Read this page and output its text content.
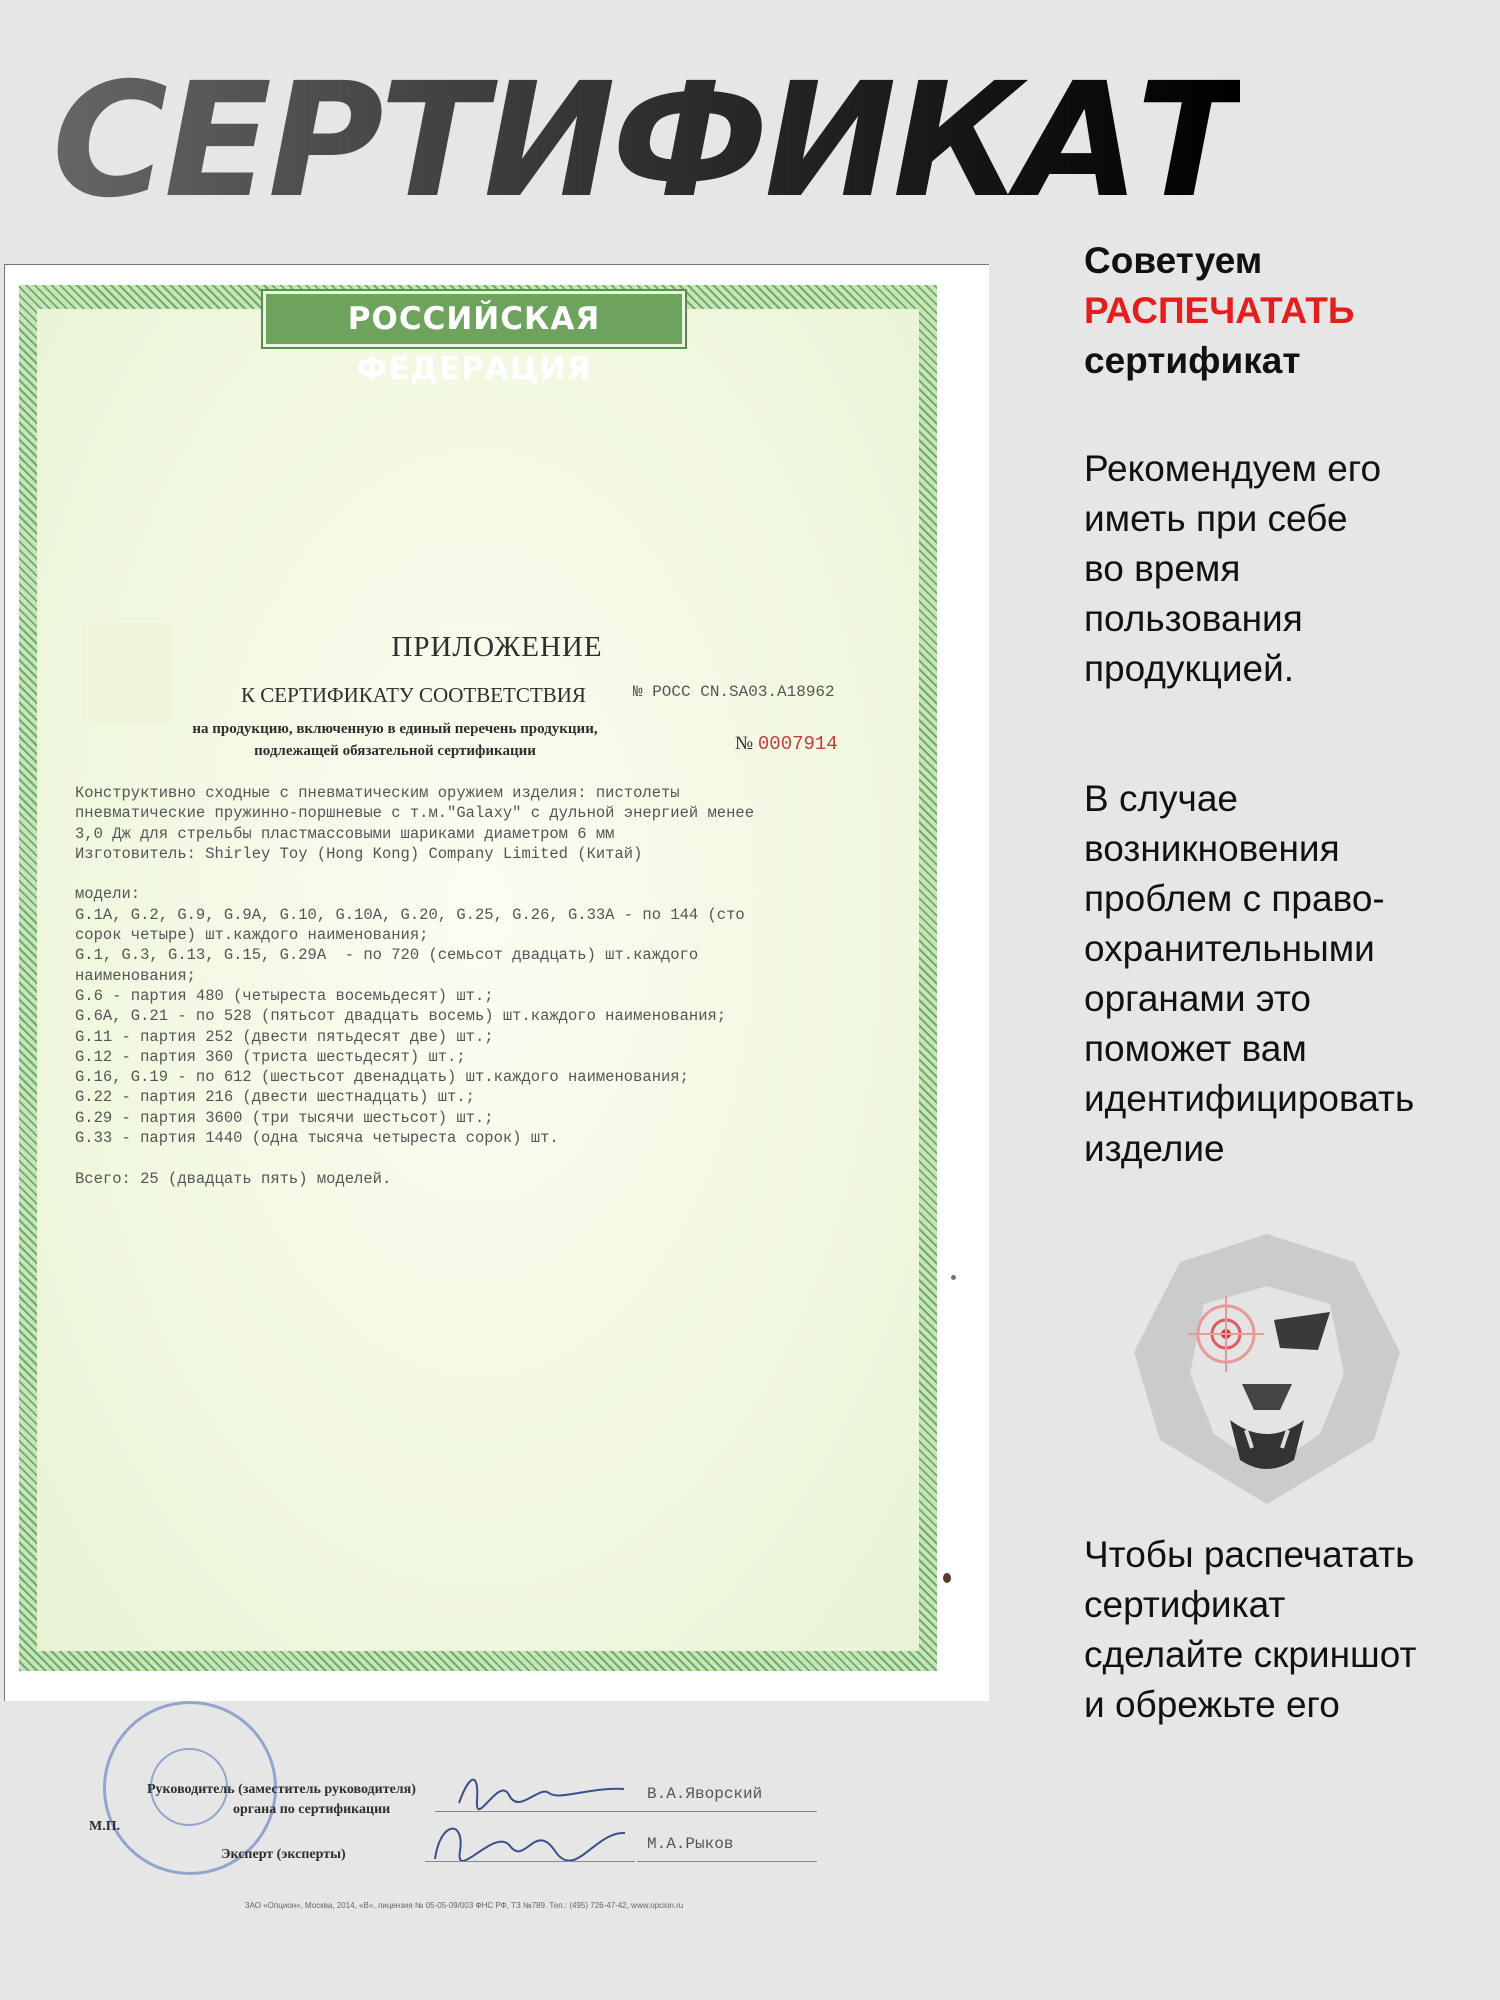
СЕРТИФИКАТ
РОССИЙСКАЯ ФЕДЕРАЦИЯ
ПРИЛОЖЕНИЕ
К СЕРТИФИКАТУ СООТВЕТСТВИЯ	№ РОСС CN.SA03.A18962
на продукцию, включенную в единый перечень продукции,
подлежащей обязательной сертификации	№ 0007914
Конструктивно сходные с пневматическим оружием изделия: пистолеты
пневматические пружинно-поршневые с т.м."Galaxy" с дульной энергией менее
3,0 Дж для стрельбы пластмассовыми шариками диаметром 6 мм
Изготовитель: Shirley Toy (Hong Kong) Company Limited (Китай)

модели:
G.1A, G.2, G.9, G.9A, G.10, G.10A, G.20, G.25, G.26, G.33A - по 144 (сто
сорок четыре) шт.каждого наименования;
G.1, G.3, G.13, G.15, G.29A  - по 720 (семьсот двадцать) шт.каждого
наименования;
G.6 - партия 480 (четыреста восемьдесят) шт.;
G.6A, G.21 - по 528 (пятьсот двадцать восемь) шт.каждого наименования;
G.11 - партия 252 (двести пятьдесят две) шт.;
G.12 - партия 360 (триста шестьдесят) шт.;
G.16, G.19 - по 612 (шестьсот двенадцать) шт.каждого наименования;
G.22 - партия 216 (двести шестнадцать) шт.;
G.29 - партия 3600 (три тысячи шестьсот) шт.;
G.33 - партия 1440 (одна тысяча четыреста сорок) шт.

Всего: 25 (двадцать пять) моделей.
М.П.
Руководитель (заместитель руководителя)
органа по сертификации
Эксперт (эксперты)
В.А.Яворский
М.А.Рыков
ЗАО «Опцион», Москва, 2014, «В», лицензия № 05-05-09/003 ФНС РФ, ТЗ №789. Тел.: (495) 726-47-42, www.opcion.ru

Советуем
РАСПЕЧАТАТЬ
сертификат

Рекомендуем его
иметь при себе
во время
пользования
продукцией.

В случае
возникновения
проблем с право-
охранительными
органами это
поможет вам
идентифицировать
изделие

Чтобы распечатать
сертификат
сделайте скриншот
и обрежьте его
